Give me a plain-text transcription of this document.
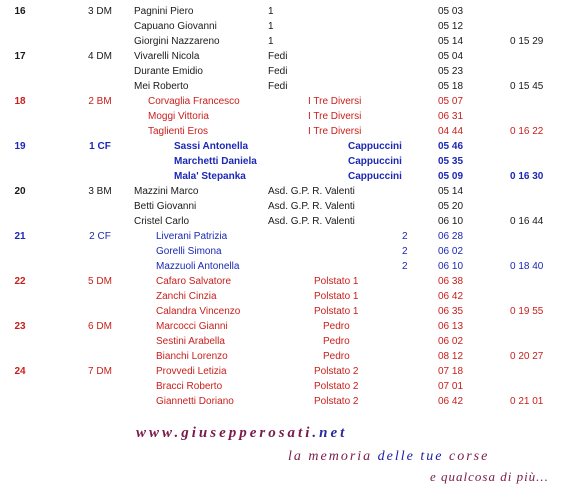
16	3 DM	Pagnini Piero	1	05 03
Capuano Giovanni	1	05 12
Giorgini Nazzareno	1	05 14	0 15 29
17	4 DM	Vivarelli Nicola	Fedi	05 04
Durante Emidio	Fedi	05 23
Mei Roberto	Fedi	05 18	0 15 45
18	2 BM	Corvaglia Francesco	I Tre Diversi	05 07
Moggi Vittoria	I Tre Diversi	06 31
Taglienti Eros	I Tre Diversi	04 44	0 16 22
19	1 CF	Sassi Antonella	Cappuccini	05 46
Marchetti Daniela	Cappuccini	05 35
Mala' Stepanka	Cappuccini	05 09	0 16 30
20	3 BM	Mazzini Marco	Asd. G.P. R. Valenti	05 14
Betti Giovanni	Asd. G.P. R. Valenti	05 20
Cristel Carlo	Asd. G.P. R. Valenti	06 10	0 16 44
21	2 CF	Liverani Patrizia	2	06 28
Gorelli Simona	2	06 02
Mazzuoli Antonella	2	06 10	0 18 40
22	5 DM	Cafaro Salvatore	Polstato 1	06 38
Zanchi Cinzia	Polstato 1	06 42
Calandra Vincenzo	Polstato 1	06 35	0 19 55
23	6 DM	Marcocci Gianni	Pedro	06 13
Sestini Arabella	Pedro	06 02
Bianchi Lorenzo	Pedro	08 12	0 20 27
24	7 DM	Provvedi Letizia	Polstato 2	07 18
Bracci Roberto	Polstato 2	07 01
Giannetti Doriano	Polstato 2	06 42	0 21 01
www.giusepperosati.net
la memoria delle tue corse
e qualcosa di più...
